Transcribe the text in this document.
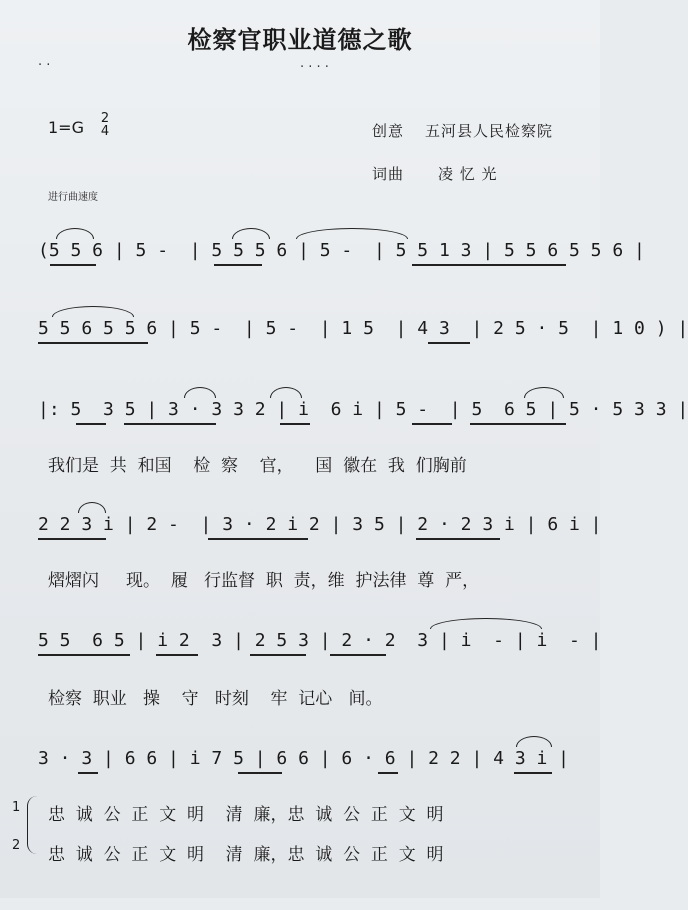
检察官职业道德之歌
· ·	· · · ·
1=G 2
4	创意 五河县人民检察院
词曲 凌 忆 光
进行曲速度

(5 5 6 | 5 -  | 5 5 5 6 | 5 -  | 5 5 1 3 | 5 5 6 5 5 6 |

5 5 6 5 5 6 | 5 -  | 5 -  | 1 5  | 4 3  | 2 5 · 5  | 1 0 ) |

|: 5  3 5 | 3 · 3 3 2 | i  6 i | 5 -  | 5  6 5 | 5 · 5 3 3 |

我们是  共  和国    检  察    官，    国  徽在  我  们胸前

2 2 3 i | 2 -  | 3 · 2 i 2 | 3 5 | 2 · 2 3 i | 6 i |

熠熠闪     现。  履   行监督  职  责，维  护法律  尊  严，

5 5  6 5 | i 2  3 | 2 5 3 | 2 · 2  3 | i  - | i  - |

检察  职业   操    守   时刻    牢  记心   间。

3 · 3 | 6 6 | i 7 5 | 6 6 | 6 · 6 | 2 2 | 4 3 i |

1
2
忠  诚  公  正  文  明    清  廉，忠  诚  公  正  文  明
忠  诚  公  正  文  明    清  廉，忠  诚  公  正  文  明
